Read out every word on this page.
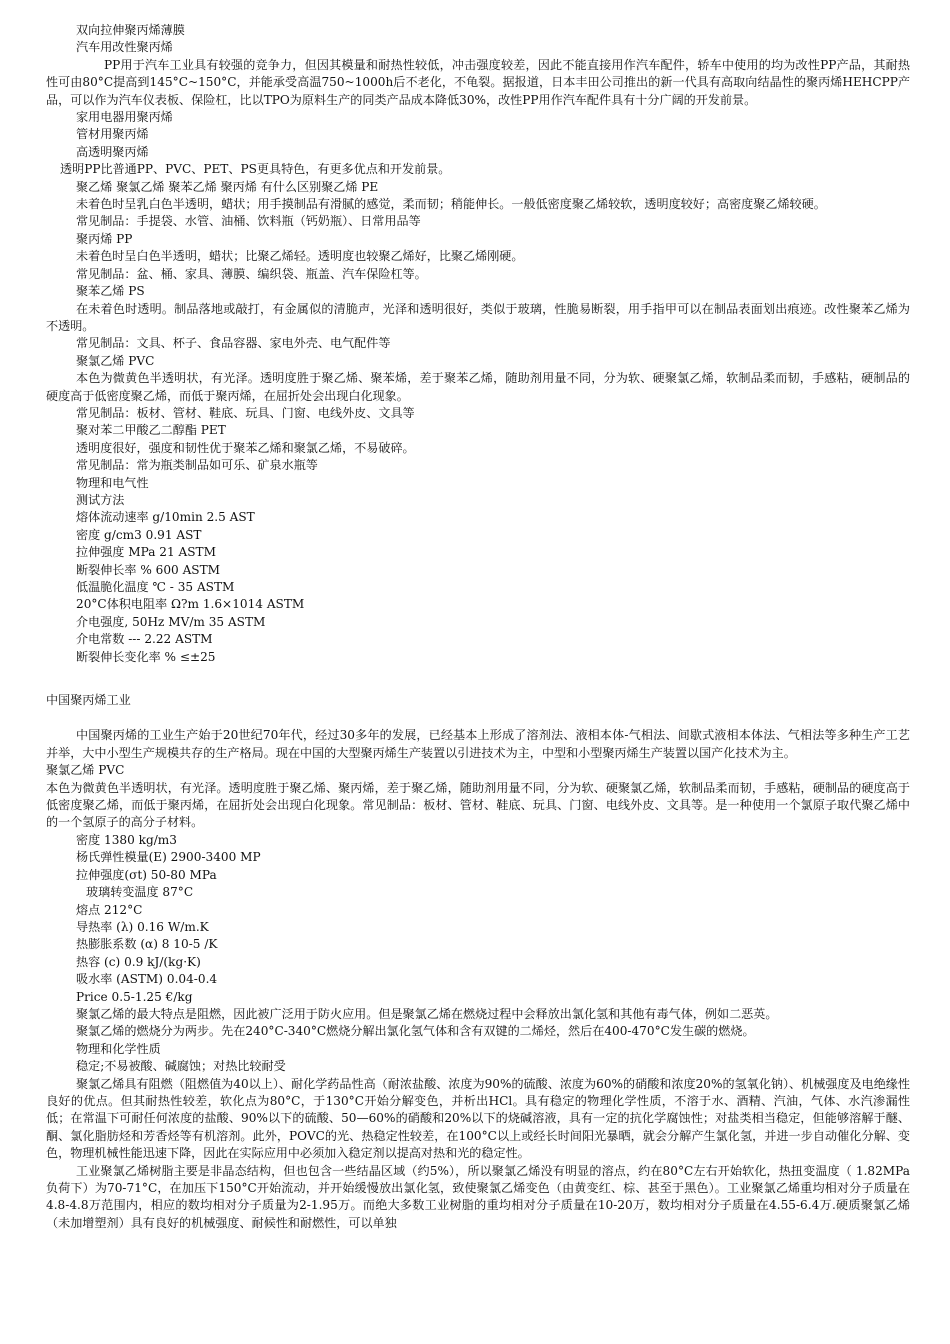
双向拉伸聚丙烯薄膜

汽车用改性聚丙烯

PP用于汽车工业具有较强的竞争力，但因其模量和耐热性较低，冲击强度较差，因此不能直接用作汽车配件，轿车中使用的均为改性PP产品，其耐热性可由80°C提高到145°C~150°C，并能承受高温750~1000h后不老化，不龟裂。据报道，日本丰田公司推出的新一代具有高取向结晶性的聚丙烯HEHCPP产品，可以作为汽车仪表板、保险杠，比以TPO为原料生产的同类产品成本降低30%，改性PP用作汽车配件具有十分广阔的开发前景。

家用电器用聚丙烯

管材用聚丙烯

高透明聚丙烯

透明PP比普通PP、PVC、PET、PS更具特色，有更多优点和开发前景。

聚乙烯 聚氯乙烯 聚苯乙烯 聚丙烯 有什么区别聚乙烯 PE

未着色时呈乳白色半透明，蜡状；用手摸制品有滑腻的感觉，柔而韧；稍能伸长。一般低密度聚乙烯较软，透明度较好；高密度聚乙烯较硬。

常见制品：手提袋、水管、油桶、饮料瓶（钙奶瓶）、日常用品等

聚丙烯 PP

未着色时呈白色半透明，蜡状；比聚乙烯轻。透明度也较聚乙烯好，比聚乙烯刚硬。

常见制品：盆、桶、家具、薄膜、编织袋、瓶盖、汽车保险杠等。

聚苯乙烯 PS

在未着色时透明。制品落地或敲打，有金属似的清脆声，光泽和透明很好，类似于玻璃，性脆易断裂，用手指甲可以在制品表面划出痕迹。改性聚苯乙烯为不透明。

常见制品：文具、杯子、食品容器、家电外壳、电气配件等

聚氯乙烯 PVC

本色为微黄色半透明状，有光泽。透明度胜于聚乙烯、聚苯烯，差于聚苯乙烯，随助剂用量不同，分为软、硬聚氯乙烯，软制品柔而韧，手感粘，硬制品的硬度高于低密度聚乙烯，而低于聚丙烯，在屈折处会出现白化现象。

常见制品：板材、管材、鞋底、玩具、门窗、电线外皮、文具等

聚对苯二甲酸乙二醇酯 PET

透明度很好，强度和韧性优于聚苯乙烯和聚氯乙烯，不易破碎。

常见制品：常为瓶类制品如可乐、矿泉水瓶等

物理和电气性

测试方法

熔体流动速率 g/10min 2.5 AST

密度 g/cm3 0.91 AST

拉伸强度 MPa 21 ASTM

断裂伸长率 % 600 ASTM

低温脆化温度 ℃ - 35 ASTM

20°C体积电阻率 Ω?m 1.6×1014 ASTM

介电强度, 50Hz MV/m 35 ASTM

介电常数 --- 2.22 ASTM

断裂伸长变化率 % ≤±25

中国聚丙烯工业

中国聚丙烯的工业生产始于20世纪70年代，经过30多年的发展，已经基本上形成了溶剂法、液相本体-气相法、间歇式液相本体法、气相法等多种生产工艺并举，大中小型生产规模共存的生产格局。现在中国的大型聚丙烯生产装置以引进技术为主，中型和小型聚丙烯生产装置以国产化技术为主。

聚氯乙烯 PVC

本色为微黄色半透明状，有光泽。透明度胜于聚乙烯、聚丙烯，差于聚乙烯，随助剂用量不同，分为软、硬聚氯乙烯，软制品柔而韧，手感粘，硬制品的硬度高于低密度聚乙烯，而低于聚丙烯，在屈折处会出现白化现象。常见制品：板材、管材、鞋底、玩具、门窗、电线外皮、文具等。是一种使用一个氯原子取代聚乙烯中的一个氢原子的高分子材料。

密度 1380 kg/m3

杨氏弹性模量(E) 2900-3400 MP

拉伸强度(σt) 50-80 MPa

玻璃转变温度 87°C

熔点 212°C

导热率 (λ) 0.16 W/m.K

热膨胀系数 (α) 8 10-5 /K

热容 (c) 0.9 kJ/(kg·K)

吸水率 (ASTM) 0.04-0.4

Price 0.5-1.25 €/kg

聚氯乙烯的最大特点是阻燃，因此被广泛用于防火应用。但是聚氯乙烯在燃烧过程中会释放出氯化氢和其他有毒气体，例如二恶英。

聚氯乙烯的燃烧分为两步。先在240°C-340°C燃烧分解出氯化氢气体和含有双键的二烯烃，然后在400-470°C发生碳的燃烧。

物理和化学性质

稳定;不易被酸、碱腐蚀；对热比较耐受

聚氯乙烯具有阻燃（阻燃值为40以上）、耐化学药品性高（耐浓盐酸、浓度为90%的硫酸、浓度为60%的硝酸和浓度20%的氢氧化钠）、机械强度及电绝缘性良好的优点。但其耐热性较差，软化点为80°C，于130°C开始分解变色，并析出HCl。具有稳定的物理化学性质，不溶于水、酒精、汽油，气体、水汽渗漏性低；在常温下可耐任何浓度的盐酸、90%以下的硫酸、50—60%的硝酸和20%以下的烧碱溶液，具有一定的抗化学腐蚀性；对盐类相当稳定，但能够溶解于醚、酮、氯化脂肪烃和芳香烃等有机溶剂。此外，POVC的光、热稳定性较差，在100°C以上或经长时间阳光暴晒，就会分解产生氯化氢，并进一步自动催化分解、变色，物理机械性能迅速下降，因此在实际应用中必须加入稳定剂以提高对热和光的稳定性。

工业聚氯乙烯树脂主要是非晶态结构，但也包含一些结晶区域（约5%），所以聚氯乙烯没有明显的溶点，约在80°C左右开始软化，热扭变温度（ 1.82MPa负荷下）为70-71°C，在加压下150°C开始流动，并开始缓慢放出氯化氢，致使聚氯乙烯变色（由黄变红、棕、甚至于黑色）。工业聚氯乙烯重均相对分子质量在4.8-4.8万范围内，相应的数均相对分子质量为2-1.95万。而绝大多数工业树脂的重均相对分子质量在10-20万，数均相对分子质量在4.55-6.4万.硬质聚氯乙烯（未加增塑剂）具有良好的机械强度、耐候性和耐燃性，可以单独
